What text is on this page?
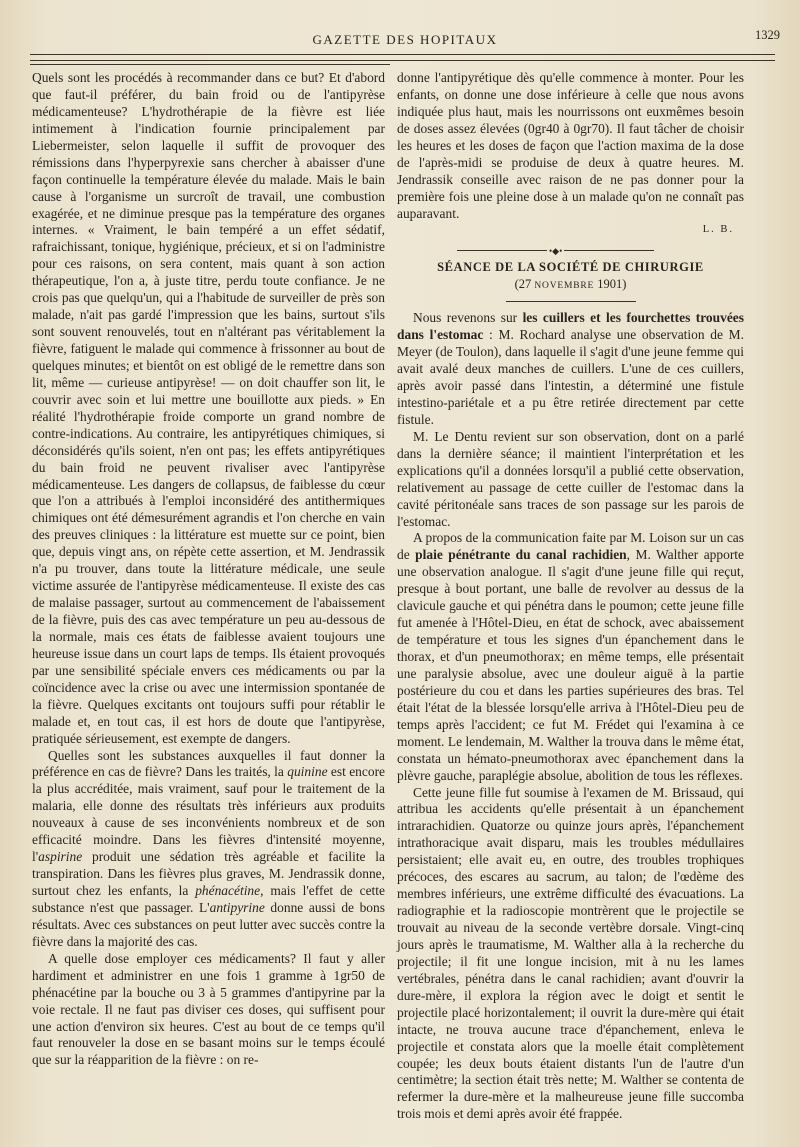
GAZETTE DES HOPITAUX	1329

Quels sont les procédés à recommander dans ce but? Et d'abord que faut-il préférer, du bain froid ou de l'antipyrèse médicamenteuse? L'hydrothérapie de la fièvre est liée intimement à l'indication fournie principalement par Liebermeister, selon laquelle il suffit de provoquer des rémissions dans l'hyperpyrexie sans chercher à abaisser d'une façon continuelle la température élevée du malade. Mais le bain cause à l'organisme un surcroît de travail, une combustion exagérée, et ne diminue presque pas la température des organes internes. « Vraiment, le bain tempéré a un effet sédatif, rafraichissant, tonique, hygiénique, précieux, et si on l'administre pour ces raisons, on sera content, mais quant à son action thérapeutique, l'on a, à juste titre, perdu toute confiance. Je ne crois pas que quelqu'un, qui a l'habitude de surveiller de près son malade, n'ait pas gardé l'impression que les bains, surtout s'ils sont souvent renouvelés, tout en n'altérant pas véritablement la fièvre, fatiguent le malade qui commence à frissonner au bout de quelques minutes; et bientôt on est obligé de le remettre dans son lit, même — curieuse antipyrèse! — on doit chauffer son lit, le couvrir avec soin et lui mettre une bouillotte aux pieds. » En réalité l'hydrothérapie froide comporte un grand nombre de contre-indications. Au contraire, les antipyrétiques chimiques, si déconsidérés qu'ils soient, n'en ont pas; les effets antipyrétiques du bain froid ne peuvent rivaliser avec l'antipyrèse médicamenteuse. Les dangers de collapsus, de faiblesse du cœur que l'on a attribués à l'emploi inconsidéré des antithermiques chimiques ont été démesurément agrandis et l'on cherche en vain des preuves cliniques : la littérature est muette sur ce point, bien que, depuis vingt ans, on répète cette assertion, et M. Jendrassik n'a pu trouver, dans toute la littérature médicale, une seule victime assurée de l'antipyrèse médicamenteuse. Il existe des cas de malaise passager, surtout au commencement de l'abaissement de la fièvre, puis des cas avec température un peu au-dessous de la normale, mais ces états de faiblesse avaient toujours une heureuse issue dans un court laps de temps. Ils étaient provoqués par une sensibilité spéciale envers ces médicaments ou par la coïncidence avec la crise ou avec une intermission spontanée de la fièvre. Quelques excitants ont toujours suffi pour rétablir le malade et, en tout cas, il est hors de doute que l'antipyrèse, pratiquée sérieusement, est exempte de dangers.

Quelles sont les substances auxquelles il faut donner la préférence en cas de fièvre? Dans les traités, la quinine est encore la plus accréditée, mais vraiment, sauf pour le traitement de la malaria, elle donne des résultats très inférieurs aux produits nouveaux à cause de ses inconvénients nombreux et de son efficacité moindre. Dans les fièvres d'intensité moyenne, l'aspirine produit une sédation très agréable et facilite la transpiration. Dans les fièvres plus graves, M. Jendrassik donne, surtout chez les enfants, la phénacétine, mais l'effet de cette substance n'est que passager. L'antipyrine donne aussi de bons résultats. Avec ces substances on peut lutter avec succès contre la fièvre dans la majorité des cas.

A quelle dose employer ces médicaments? Il faut y aller hardiment et administrer en une fois 1 gramme à 1gr50 de phénacétine par la bouche ou 3 à 5 grammes d'antipyrine par la voie rectale. Il ne faut pas diviser ces doses, qui suffisent pour une action d'environ six heures. C'est au bout de ce temps qu'il faut renouveler la dose en se basant moins sur le temps écoulé que sur la réapparition de la fièvre : on re-

donne l'antipyrétique dès qu'elle commence à monter. Pour les enfants, on donne une dose inférieure à celle que nous avons indiquée plus haut, mais les nourrissons ont euxmêmes besoin de doses assez élevées (0gr40 à 0gr70). Il faut tâcher de choisir les heures et les doses de façon que l'action maxima de la dose de l'après-midi se produise de deux à quatre heures. M. Jendrassik conseille avec raison de ne pas donner pour la première fois une pleine dose à un malade qu'on ne connaît pas auparavant.

L. B.
•◆•
SÉANCE DE LA SOCIÉTÉ DE CHIRURGIE
(27 NOVEMBRE 1901)

Nous revenons sur les cuillers et les fourchettes trouvées dans l'estomac : M. Rochard analyse une observation de M. Meyer (de Toulon), dans laquelle il s'agit d'une jeune femme qui avait avalé deux manches de cuillers. L'une de ces cuillers, après avoir passé dans l'intestin, a déterminé une fistule intestino-pariétale et a pu être retirée directement par cette fistule.

M. Le Dentu revient sur son observation, dont on a parlé dans la dernière séance; il maintient l'interprétation et les explications qu'il a données lorsqu'il a publié cette observation, relativement au passage de cette cuiller de l'estomac dans la cavité péritonéale sans traces de son passage sur les parois de l'estomac.

A propos de la communication faite par M. Loison sur un cas de plaie pénétrante du canal rachidien, M. Walther apporte une observation analogue. Il s'agit d'une jeune fille qui reçut, presque à bout portant, une balle de revolver au dessus de la clavicule gauche et qui pénétra dans le poumon; cette jeune fille fut amenée à l'Hôtel-Dieu, en état de schock, avec abaissement de température et tous les signes d'un épanchement dans le thorax, et d'un pneumothorax; en même temps, elle présentait une paralysie absolue, avec une douleur aiguë à la partie postérieure du cou et dans les parties supérieures des bras. Tel était l'état de la blessée lorsqu'elle arriva à l'Hôtel-Dieu peu de temps après l'accident; ce fut M. Frédet qui l'examina à ce moment. Le lendemain, M. Walther la trouva dans le même état, constata un hémato-pneumothorax avec épanchement dans la plèvre gauche, paraplégie absolue, abolition de tous les réflexes.

Cette jeune fille fut soumise à l'examen de M. Brissaud, qui attribua les accidents qu'elle présentait à un épanchement intrarachidien. Quatorze ou quinze jours après, l'épanchement intrathoracique avait disparu, mais les troubles médullaires persistaient; elle avait eu, en outre, des troubles trophiques précoces, des escares au sacrum, au talon; de l'œdème des membres inférieurs, une extrême difficulté des évacuations. La radiographie et la radioscopie montrèrent que le projectile se trouvait au niveau de la seconde vertèbre dorsale. Vingt-cinq jours après le traumatisme, M. Walther alla à la recherche du projectile; il fit une longue incision, mit à nu les lames vertébrales, pénétra dans le canal rachidien; avant d'ouvrir la dure-mère, il explora la région avec le doigt et sentit le projectile placé horizontalement; il ouvrit la dure-mère qui était intacte, ne trouva aucune trace d'épanchement, enleva le projectile et constata alors que la moelle était complètement coupée; les deux bouts étaient distants l'un de l'autre d'un centimètre; la section était très nette; M. Walther se contenta de refermer la dure-mère et la malheureuse jeune fille succomba trois mois et demi après avoir été frappée.
